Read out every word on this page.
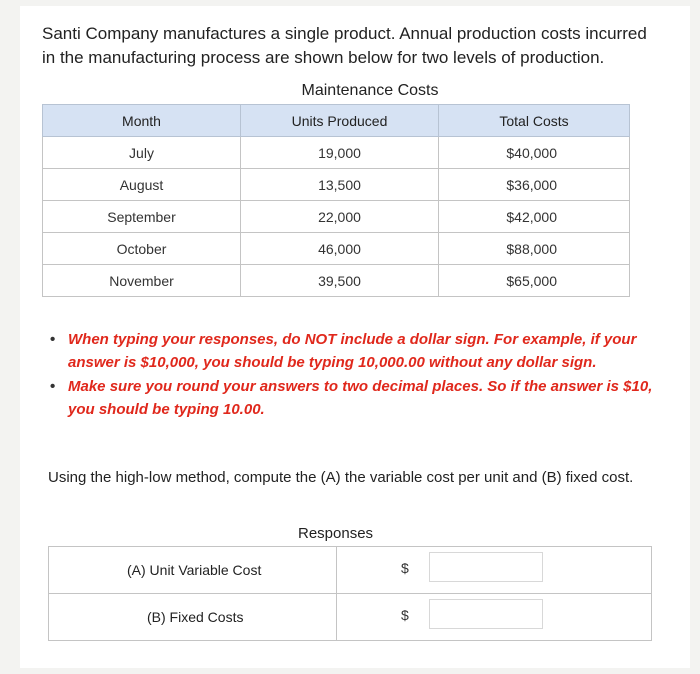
Santi Company manufactures a single product. Annual production costs incurred in the manufacturing process are shown below for two levels of production.
Maintenance Costs
Month	Units Produced	Total Costs
July	19,000	$40,000
August	13,500	$36,000
September	22,000	$42,000
October	46,000	$88,000
November	39,500	$65,000
• When typing your responses, do NOT include a dollar sign. For example, if your answer is $10,000, you should be typing 10,000.00 without any dollar sign.
• Make sure you round your answers to two decimal places. So if the answer is $10, you should be typing 10.00.
Using the high-low method, compute the (A) the variable cost per unit and (B) fixed cost.
Responses
(A) Unit Variable Cost	$

(B) Fixed Costs	$
